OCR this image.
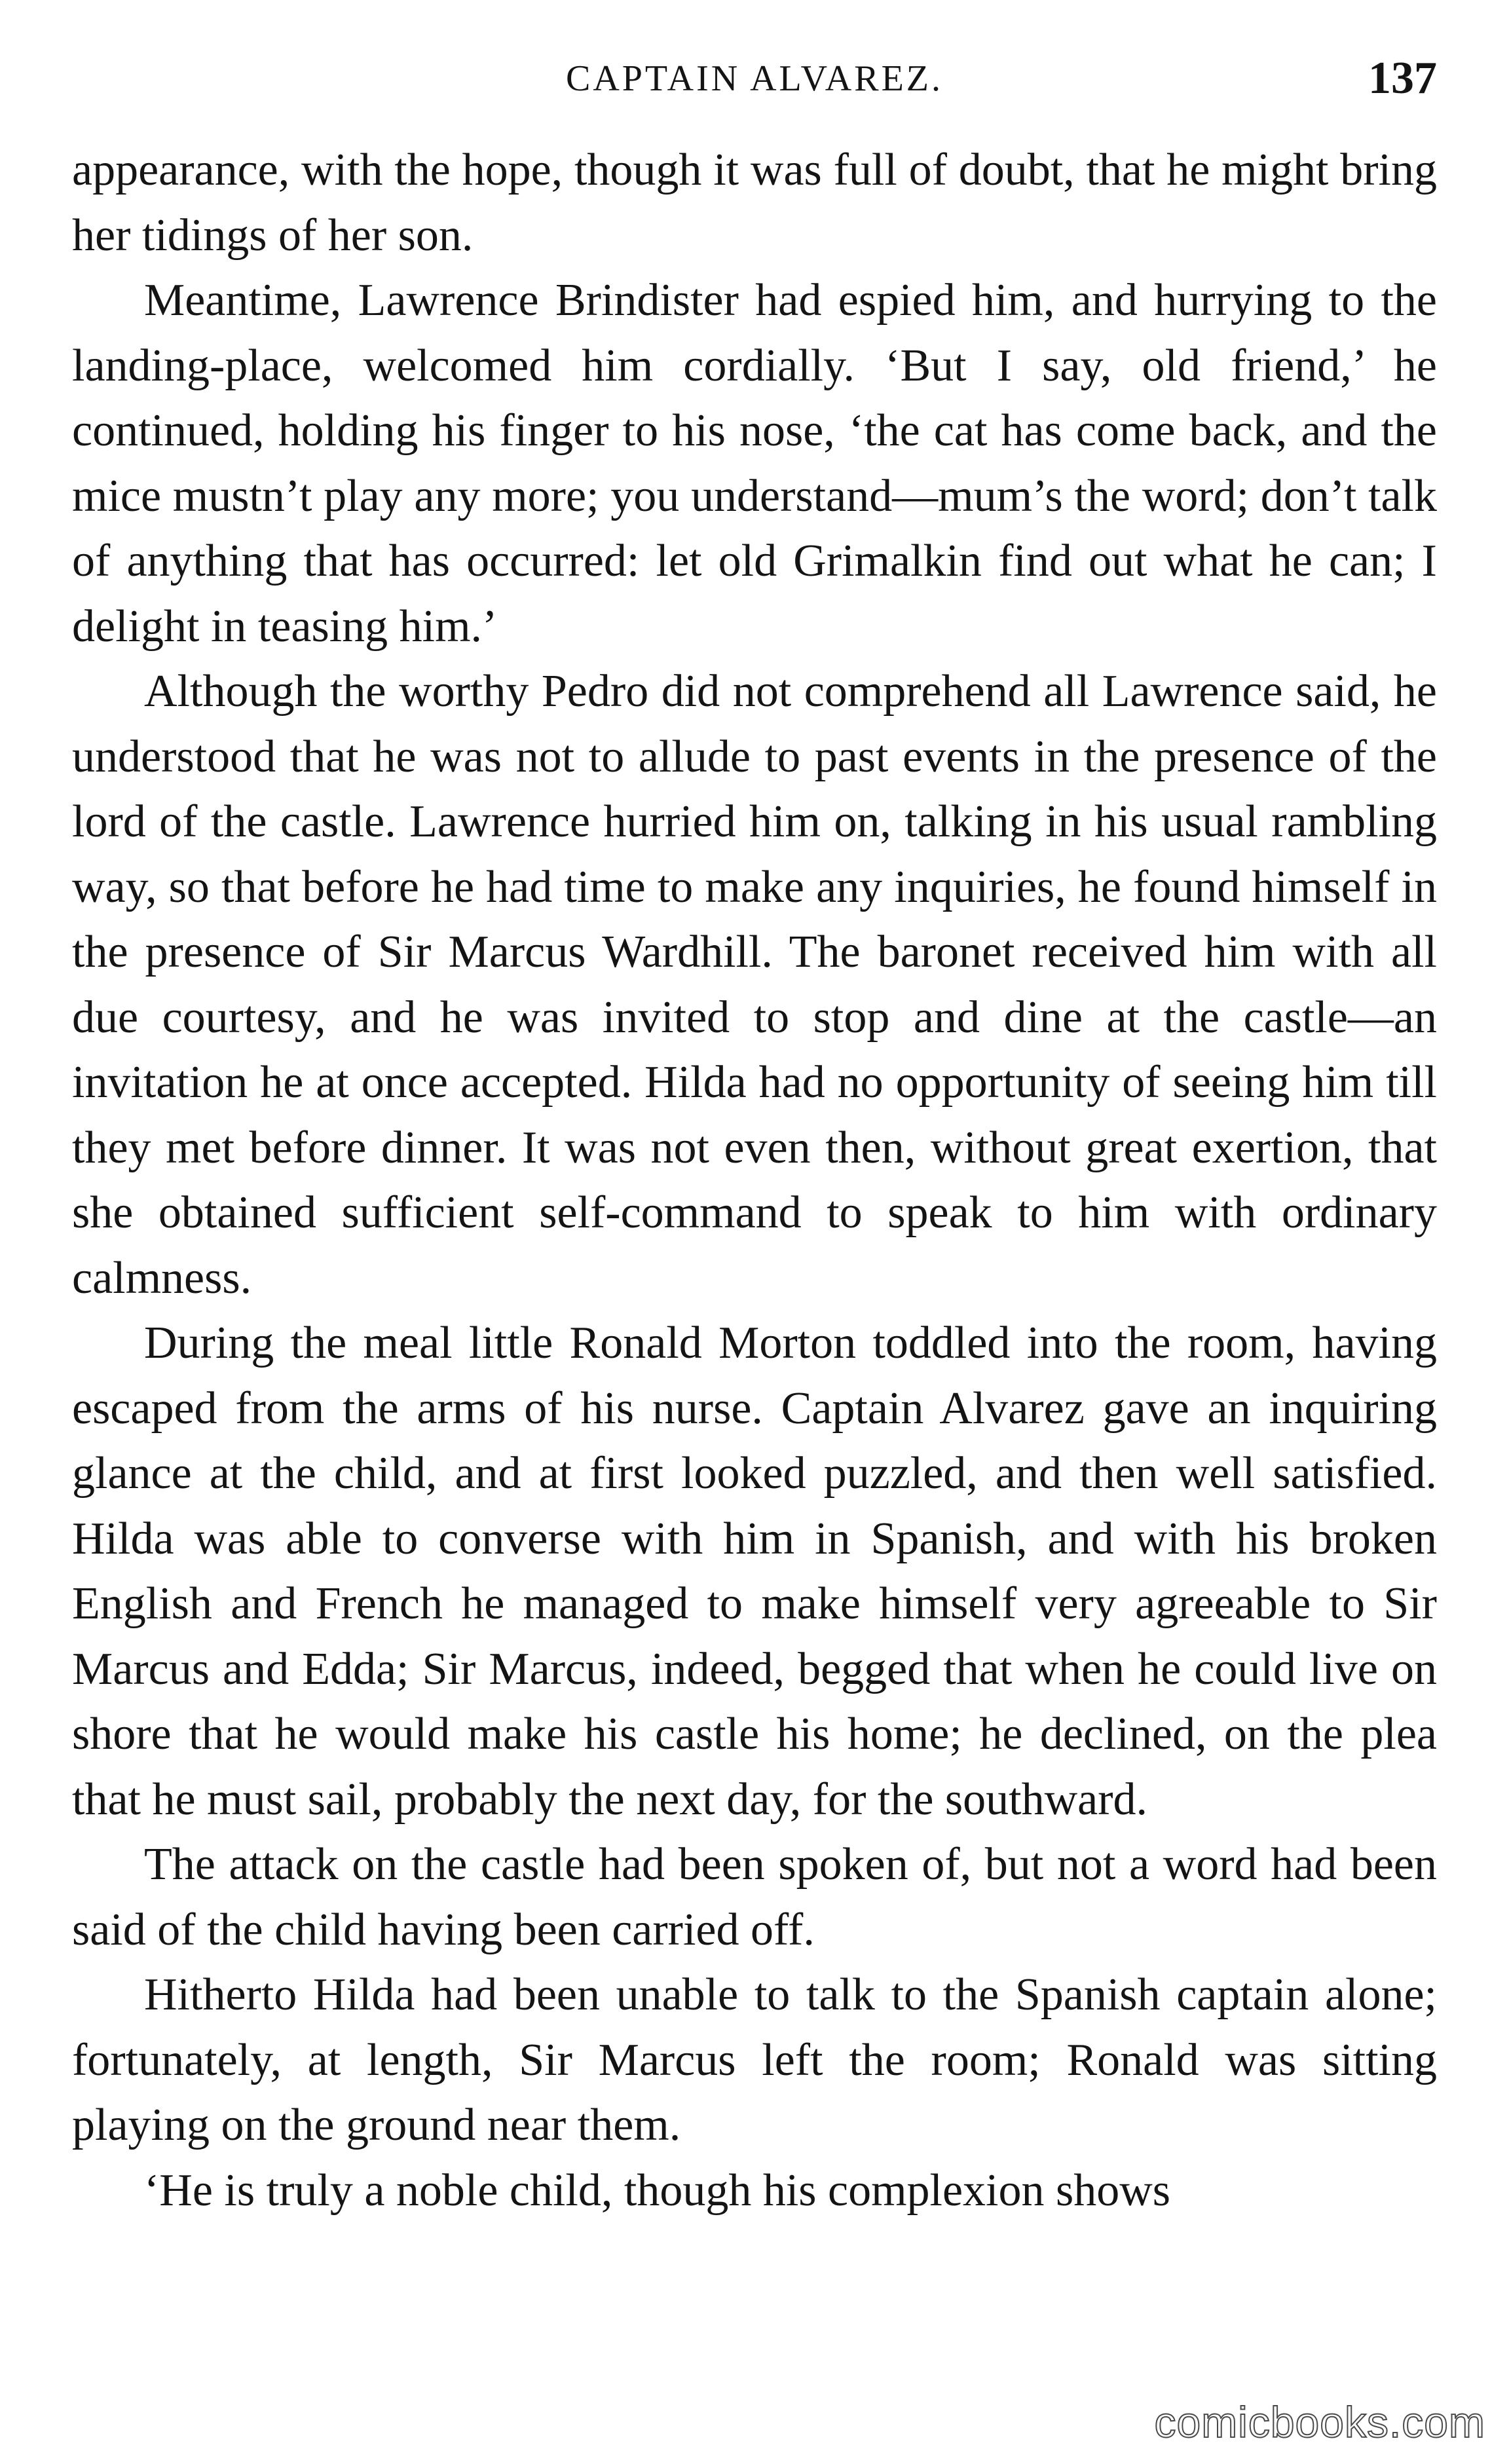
CAPTAIN ALVAREZ.	137

appearance, with the hope, though it was full of doubt, that he might bring her tidings of her son.

Meantime, Lawrence Brindister had espied him, and hurrying to the landing-place, welcomed him cordially. ‘But I say, old friend,’ he continued, holding his finger to his nose, ‘the cat has come back, and the mice mustn’t play any more; you understand—mum’s the word; don’t talk of anything that has occurred: let old Grimalkin find out what he can; I delight in teasing him.’

Although the worthy Pedro did not comprehend all Lawrence said, he understood that he was not to allude to past events in the presence of the lord of the castle. Lawrence hurried him on, talking in his usual rambling way, so that before he had time to make any inquiries, he found himself in the presence of Sir Marcus Wardhill. The baronet received him with all due courtesy, and he was invited to stop and dine at the castle—an invitation he at once accepted. Hilda had no opportunity of seeing him till they met before dinner. It was not even then, without great exertion, that she obtained sufficient self-command to speak to him with ordinary calmness.

During the meal little Ronald Morton toddled into the room, having escaped from the arms of his nurse. Captain Alvarez gave an inquiring glance at the child, and at first looked puzzled, and then well satisfied. Hilda was able to converse with him in Spanish, and with his broken English and French he managed to make himself very agreeable to Sir Marcus and Edda; Sir Marcus, indeed, begged that when he could live on shore that he would make his castle his home; he declined, on the plea that he must sail, probably the next day, for the southward.

The attack on the castle had been spoken of, but not a word had been said of the child having been carried off.

Hitherto Hilda had been unable to talk to the Spanish captain alone; fortunately, at length, Sir Marcus left the room; Ronald was sitting playing on the ground near them.

‘He is truly a noble child, though his complexion shows

comicbooks.com
